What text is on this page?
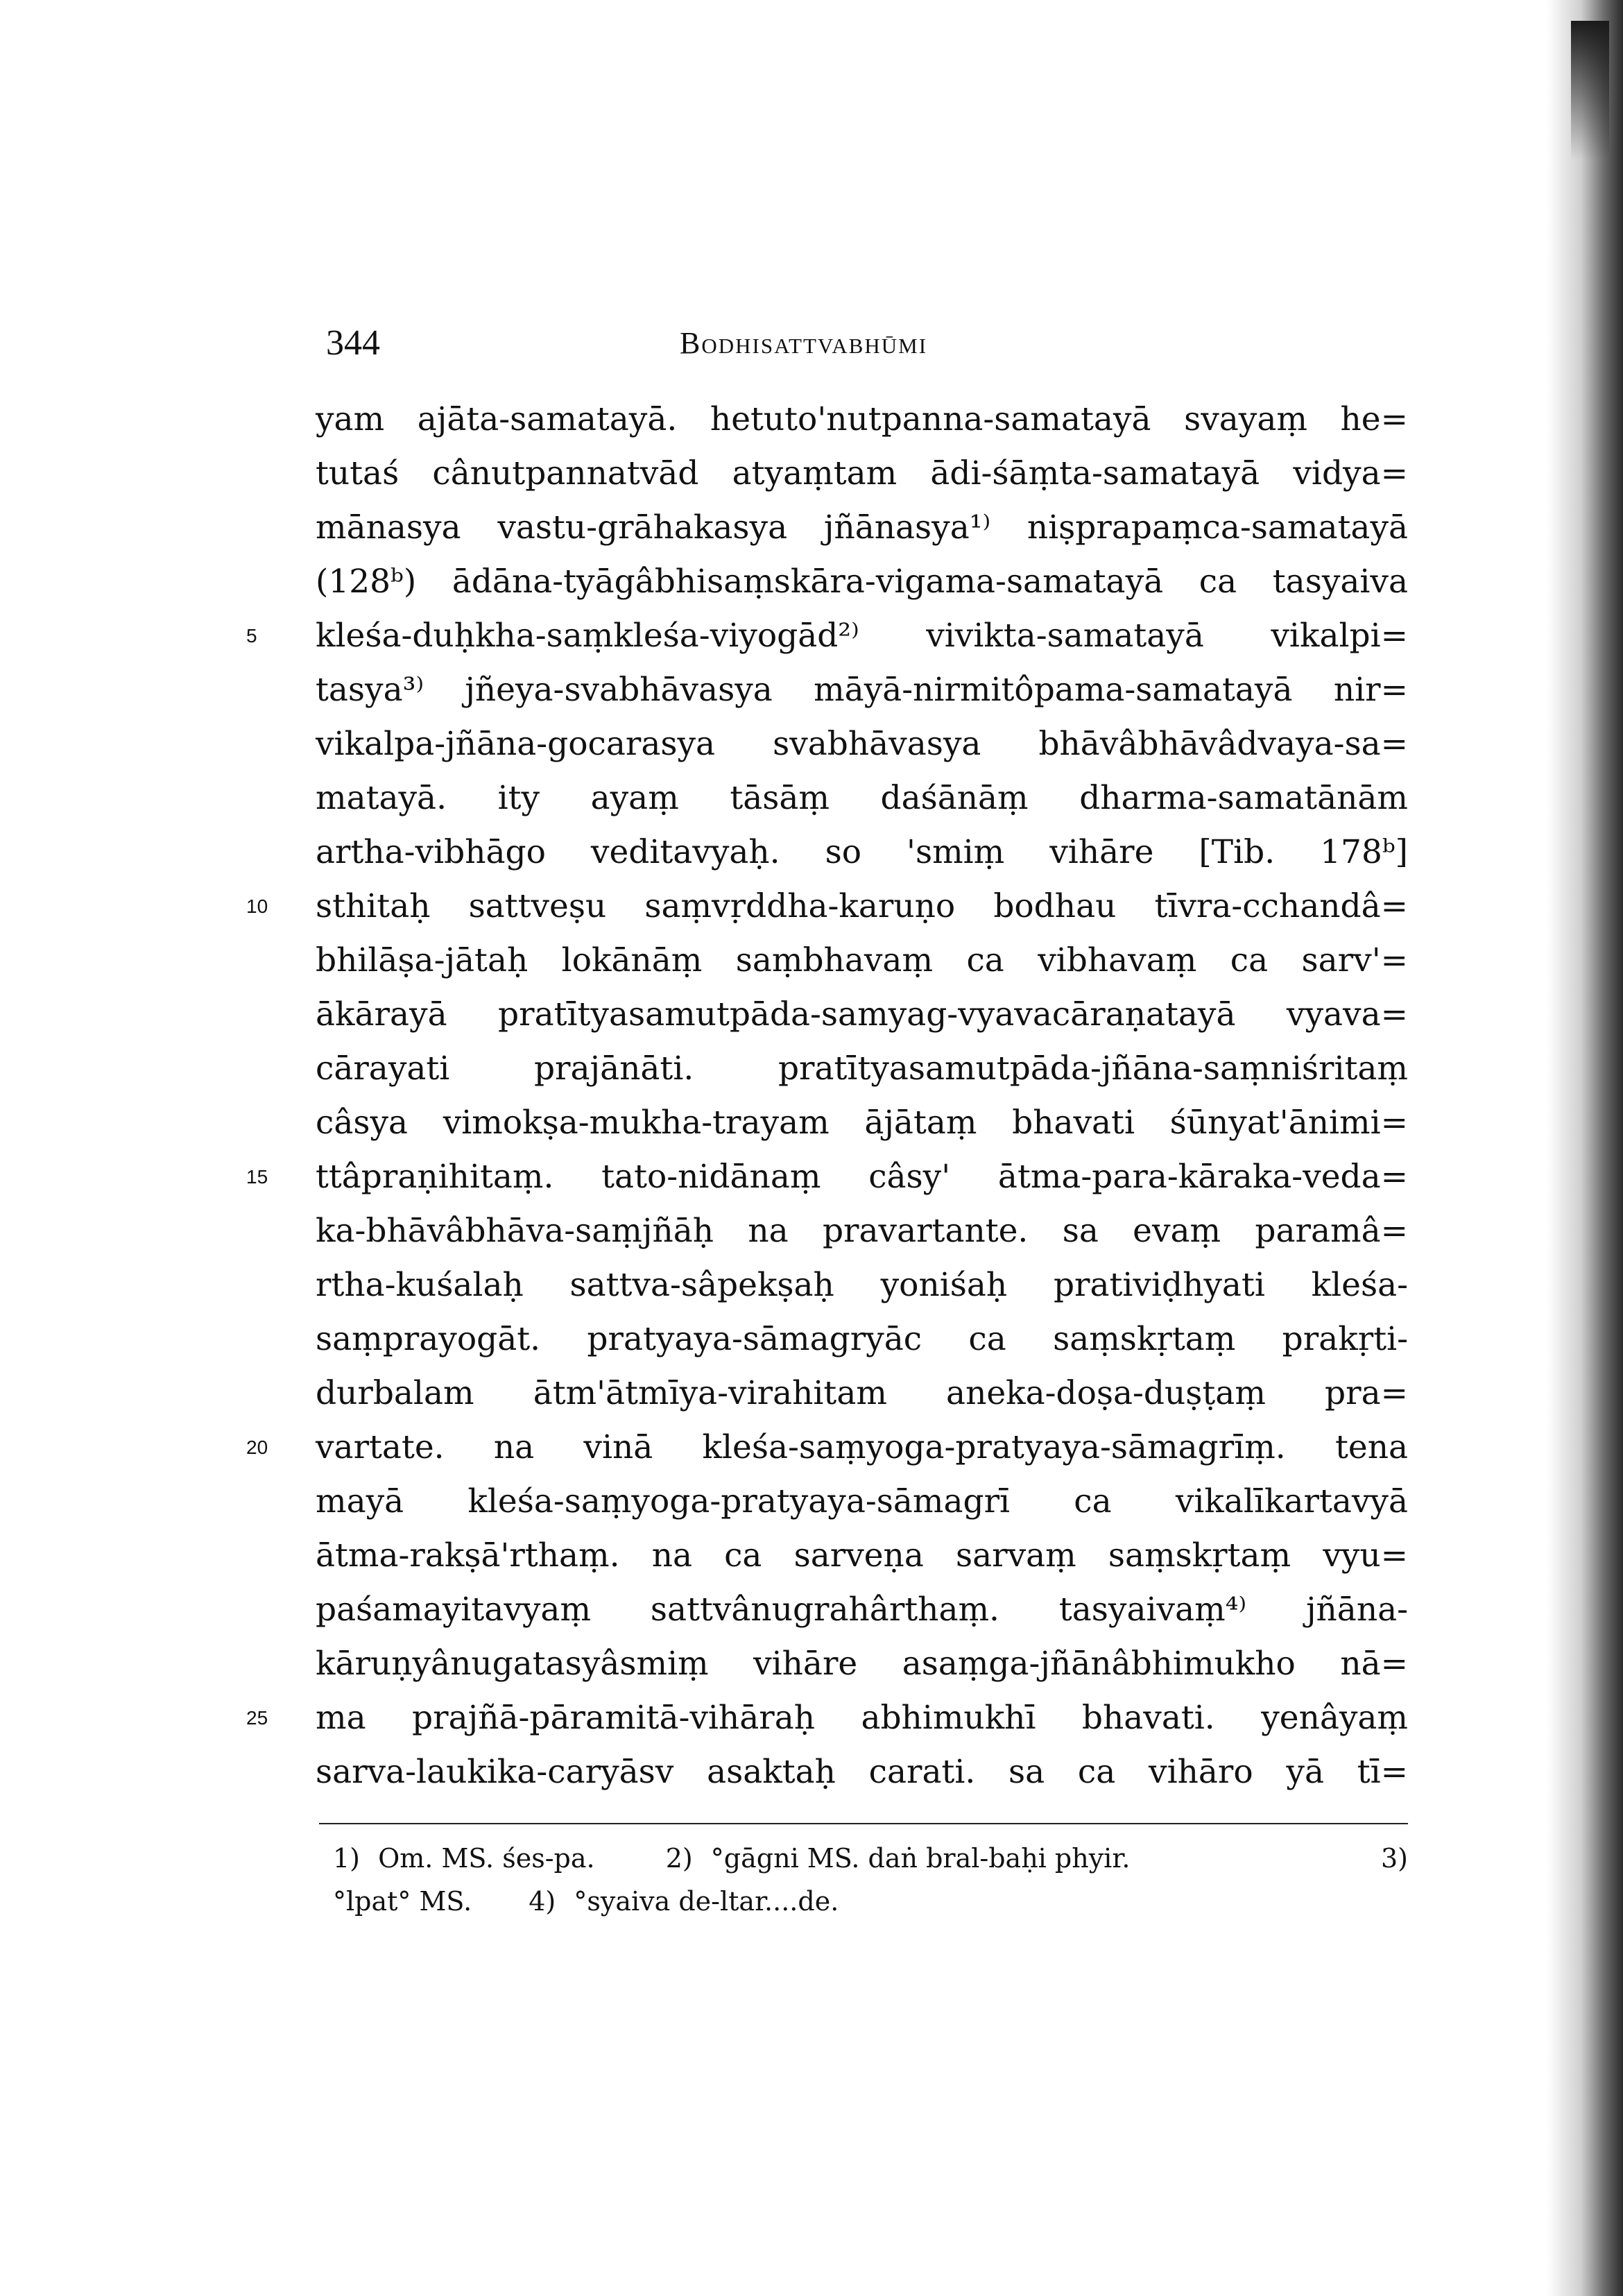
344	Bodhisattvabhūmi
yam ajāta-samatayā. hetuto'nutpanna-samatayā svayaṃ he=
tutaś cânutpannatvād atyaṃtam ādi-śāṃta-samatayā vidya=
mānasya vastu-grāhakasya jñānasya¹⁾ niṣprapaṃca-samatayā
(128ᵇ) ādāna-tyāgâbhisaṃskāra-vigama-samatayā ca tasyaiva
kleśa-duḥkha-saṃkleśa-viyogād²⁾ vivikta-samatayā vikalpi=
5
tasya³⁾ jñeya-svabhāvasya māyā-nirmitôpama-samatayā nir=
vikalpa-jñāna-gocarasya svabhāvasya bhāvâbhāvâdvaya-sa=
matayā. ity ayaṃ tāsāṃ daśānāṃ dharma-samatānām
artha-vibhāgo veditavyaḥ. so 'smiṃ vihāre [Tib. 178ᵇ]
sthitaḥ sattveṣu saṃvṛddha-karuṇo bodhau tīvra-cchandâ=
10
bhilāṣa-jātaḥ lokānāṃ saṃbhavaṃ ca vibhavaṃ ca sarv'=
ākārayā pratītyasamutpāda-samyag-vyavacāraṇatayā vyava=
cārayati prajānāti. pratītyasamutpāda-jñāna-saṃniśritaṃ
câsya vimokṣa-mukha-trayam ājātaṃ bhavati śūnyat'ānimi=
ttâpraṇihitaṃ. tato-nidānaṃ câsy' ātma-para-kāraka-veda=
15
ka-bhāvâbhāva-saṃjñāḥ na pravartante. sa evaṃ paramâ=
rtha-kuśalaḥ sattva-sâpekṣaḥ yoniśaḥ prativiḍhyati kleśa-
saṃprayogāt. pratyaya-sāmagryāc ca saṃskṛtaṃ prakṛti-
durbalam ātm'ātmīya-virahitam aneka-doṣa-duṣṭaṃ pra=
vartate. na vinā kleśa-saṃyoga-pratyaya-sāmagrīṃ. tena
20
mayā kleśa-saṃyoga-pratyaya-sāmagrī ca vikalīkartavyā
ātma-rakṣā'rthaṃ. na ca sarveṇa sarvaṃ saṃskṛtaṃ vyu=
paśamayitavyaṃ sattvânugrahârthaṃ. tasyaivaṃ⁴⁾ jñāna-
kāruṇyânugatasyâsmiṃ vihāre asaṃga-jñānâbhimukho nā=
ma prajñā-pāramitā-vihāraḥ abhimukhī bhavati. yenâyaṃ
25
sarva-laukika-caryāsv asaktaḥ carati. sa ca vihāro yā tī=
1) Om. MS. śes-pa.	2) °gāgni MS. daṅ bral-baḥi phyir.	3)
°lpat° MS. 4) °syaiva de-ltar....de.
